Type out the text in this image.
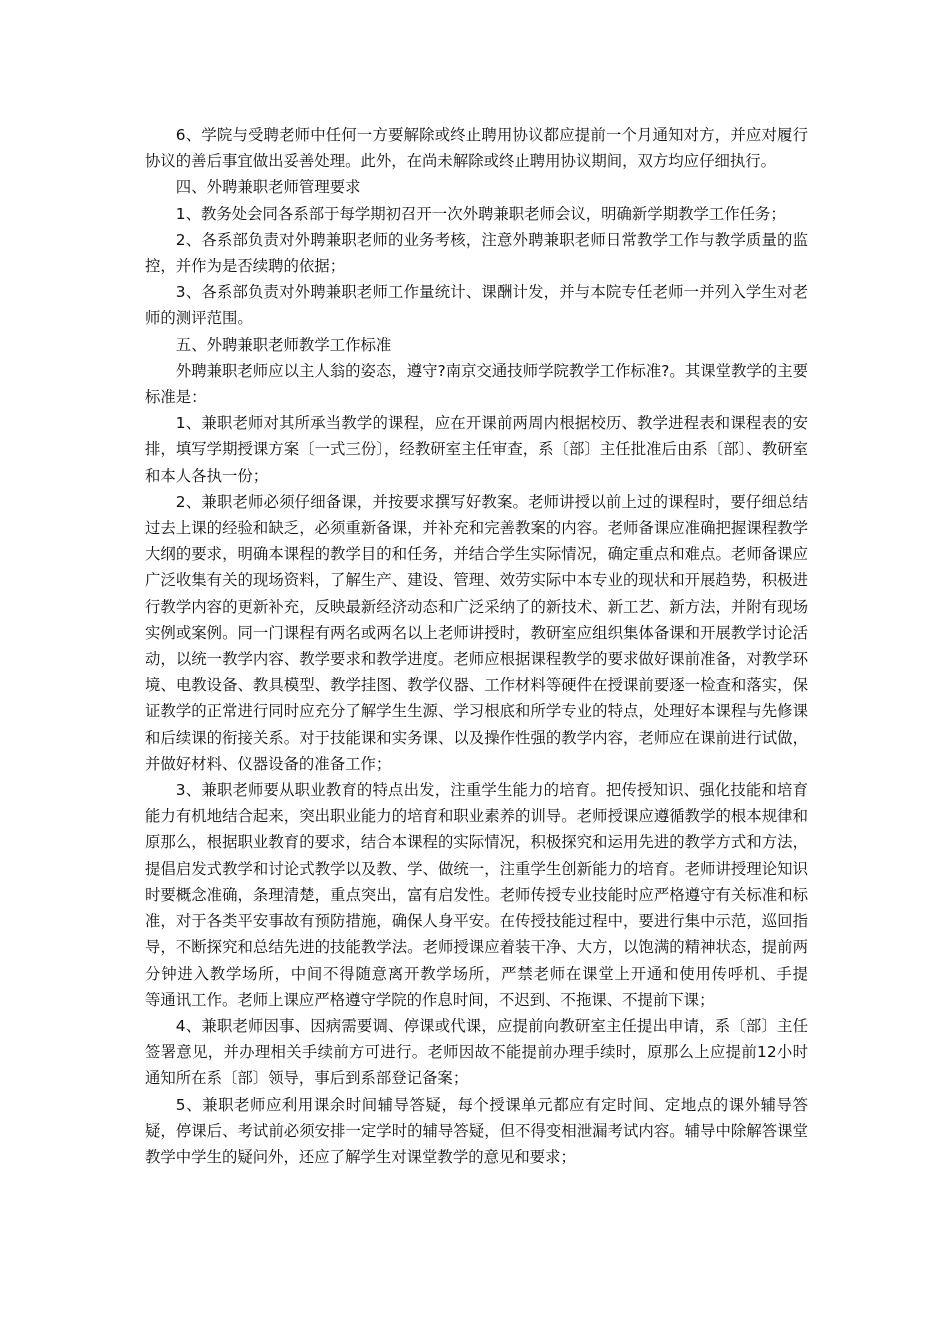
6、学院与受聘老师中任何一方要解除或终止聘用协议都应提前一个月通知对方，并应对履行协议的善后事宜做出妥善处理。此外，在尚未解除或终止聘用协议期间，双方均应仔细执行。

四、外聘兼职老师管理要求

1、教务处会同各系部于每学期初召开一次外聘兼职老师会议，明确新学期教学工作任务；

2、各系部负责对外聘兼职老师的业务考核，注意外聘兼职老师日常教学工作与教学质量的监控，并作为是否续聘的依据；

3、各系部负责对外聘兼职老师工作量统计、课酬计发，并与本院专任老师一并列入学生对老师的测评范围。

五、外聘兼职老师教学工作标准

外聘兼职老师应以主人翁的姿态，遵守?南京交通技师学院教学工作标准?。其课堂教学的主要标准是：

1、兼职老师对其所承当教学的课程，应在开课前两周内根据校历、教学进程表和课程表的安排，填写学期授课方案〔一式三份〕，经教研室主任审查，系〔部〕主任批准后由系〔部〕、教研室和本人各执一份；

2、兼职老师必须仔细备课，并按要求撰写好教案。老师讲授以前上过的课程时，要仔细总结过去上课的经验和缺乏，必须重新备课，并补充和完善教案的内容。老师备课应准确把握课程教学大纲的要求，明确本课程的教学目的和任务，并结合学生实际情况，确定重点和难点。老师备课应广泛收集有关的现场资料，了解生产、建设、管理、效劳实际中本专业的现状和开展趋势，积极进行教学内容的更新补充，反映最新经济动态和广泛采纳了的新技术、新工艺、新方法，并附有现场实例或案例。同一门课程有两名或两名以上老师讲授时，教研室应组织集体备课和开展教学讨论活动，以统一教学内容、教学要求和教学进度。老师应根据课程教学的要求做好课前准备，对教学环境、电教设备、教具模型、教学挂图、教学仪器、工作材料等硬件在授课前要逐一检查和落实，保证教学的正常进行同时应充分了解学生生源、学习根底和所学专业的特点，处理好本课程与先修课和后续课的衔接关系。对于技能课和实务课、以及操作性强的教学内容，老师应在课前进行试做，并做好材料、仪器设备的准备工作；

3、兼职老师要从职业教育的特点出发，注重学生能力的培育。把传授知识、强化技能和培育能力有机地结合起来，突出职业能力的培育和职业素养的训导。老师授课应遵循教学的根本规律和原那么，根据职业教育的要求，结合本课程的实际情况，积极探究和运用先进的教学方式和方法，提倡启发式教学和讨论式教学以及教、学、做统一，注重学生创新能力的培育。老师讲授理论知识时要概念准确，条理清楚，重点突出，富有启发性。老师传授专业技能时应严格遵守有关标准和标准，对于各类平安事故有预防措施，确保人身平安。在传授技能过程中，要进行集中示范，巡回指导，不断探究和总结先进的技能教学法。老师授课应着装干净、大方，以饱满的精神状态，提前两分钟进入教学场所，中间不得随意离开教学场所，严禁老师在课堂上开通和使用传呼机、手提　　等通讯工作。老师上课应严格遵守学院的作息时间，不迟到、不拖课、不提前下课；

4、兼职老师因事、因病需要调、停课或代课，应提前向教研室主任提出申请，系〔部〕主任签署意见，并办理相关手续前方可进行。老师因故不能提前办理手续时，原那么上应提前12小时通知所在系〔部〕领导，事后到系部登记备案；

5、兼职老师应利用课余时间辅导答疑，每个授课单元都应有定时间、定地点的课外辅导答疑，停课后、考试前必须安排一定学时的辅导答疑，但不得变相泄漏考试内容。辅导中除解答课堂教学中学生的疑问外，还应了解学生对课堂教学的意见和要求；
